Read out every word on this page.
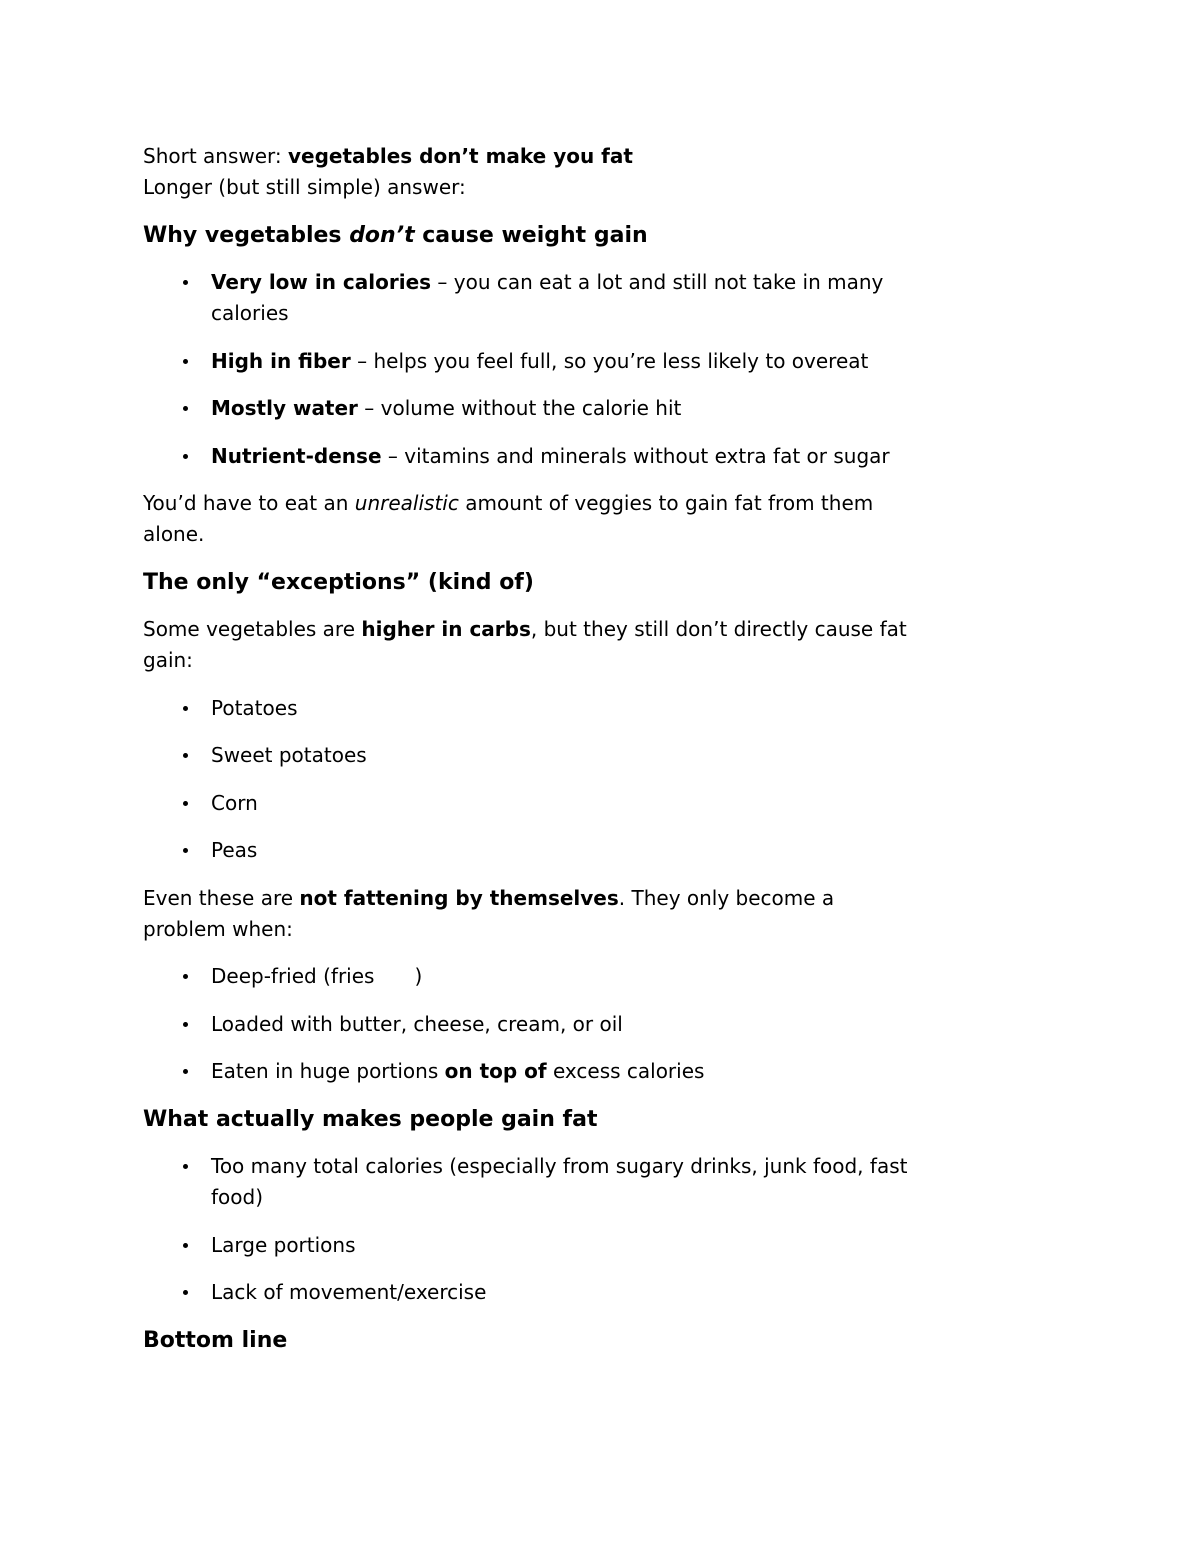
Short answer: vegetables don’t make you fat
Longer (but still simple) answer:
Why vegetables don’t cause weight gain
Very low in calories – you can eat a lot and still not take in many
calories
High in fiber – helps you feel full, so you’re less likely to overeat
Mostly water – volume without the calorie hit
Nutrient-dense – vitamins and minerals without extra fat or sugar
You’d have to eat an unrealistic amount of veggies to gain fat from them
alone.
The only “exceptions” (kind of)
Some vegetables are higher in carbs, but they still don’t directly cause fat
gain:
Potatoes
Sweet potatoes
Corn
Peas
Even these are not fattening by themselves. They only become a
problem when:
Deep-fried (fries )
Loaded with butter, cheese, cream, or oil
Eaten in huge portions on top of excess calories
What actually makes people gain fat
Too many total calories (especially from sugary drinks, junk food, fast
food)
Large portions
Lack of movement/exercise
Bottom line
